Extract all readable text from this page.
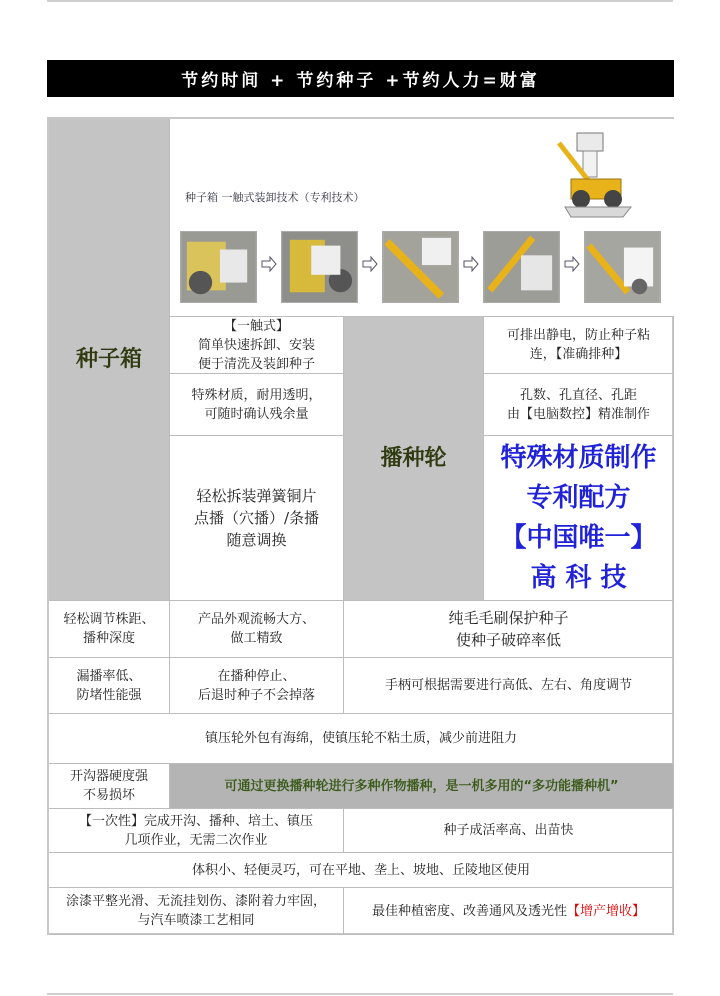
节约时间 + 节约种子 +节约人力=财富
种子箱
种子箱 一触式装卸技术（专利技术）
【一触式】
简单快速拆卸、安装
便于清洗及装卸种子
特殊材质，耐用透明，
可随时确认残余量
轻松拆装弹簧铜片
点播（穴播）/条播
随意调换
播种轮
可排出静电，防止种子粘
连，【准确排种】
孔数、孔直径、孔距
由【电脑数控】精准制作
特殊材质制作
专利配方
【中国唯一】
高 科 技
轻松调节株距、
播种深度
产品外观流畅大方、
做工精致
纯毛毛刷保护种子
使种子破碎率低
漏播率低、
防堵性能强
在播种停止、
后退时种子不会掉落
手柄可根据需要进行高低、左右、角度调节
镇压轮外包有海绵，使镇压轮不粘土质，减少前进阻力
开沟器硬度强
不易损坏
可通过更换播种轮进行多种作物播种，是一机多用的“多功能播种机”
【一次性】完成开沟、播种、培土、镇压
几项作业，无需二次作业
种子成活率高、出苗快
体积小、轻便灵巧，可在平地、垄上、坡地、丘陵地区使用
涂漆平整光滑、无流挂划伤、漆附着力牢固，
与汽车喷漆工艺相同
最佳种植密度、改善通风及透光性 【增产增收】
